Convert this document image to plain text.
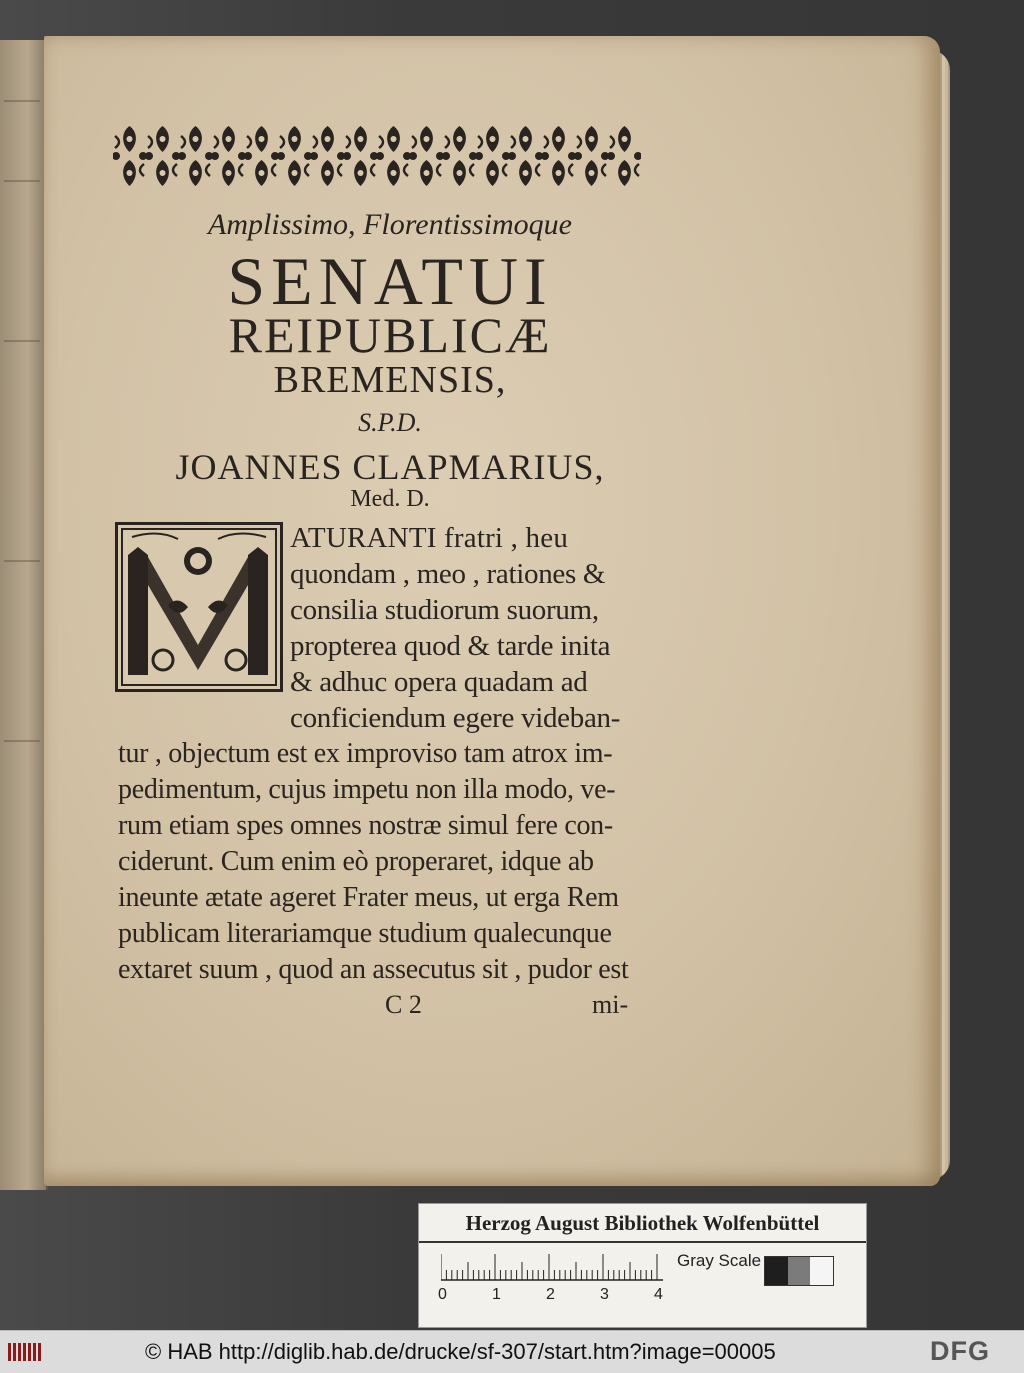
Amplissimo, Florentissimoque
SENATUI
REIPUBLICÆ
BREMENSIS,
S.P.D.
JOANNES CLAPMARIUS,
Med. D.
ATURANTI fratri , heu
quondam , meo , rationes &
consilia studiorum suorum,
propterea quod & tarde inita
& adhuc opera quadam ad
conficiendum egere videban-
tur , objectum est ex improviso tam atrox im-
pedimentum, cujus impetu non illa modo, ve-
rum etiam spes omnes nostræ simul fere con-
ciderunt. Cum enim eò properaret, idque ab
ineunte ætate ageret Frater meus, ut erga Rem
publicam literariamque studium qualecunque
extaret suum , quod an assecutus sit , pudor est
C 2	mi-
Herzog August Bibliothek Wolfenbüttel
0	1	2	3	4
Gray Scale
© HAB http://diglib.hab.de/drucke/sf-307/start.htm?image=00005	DFG
